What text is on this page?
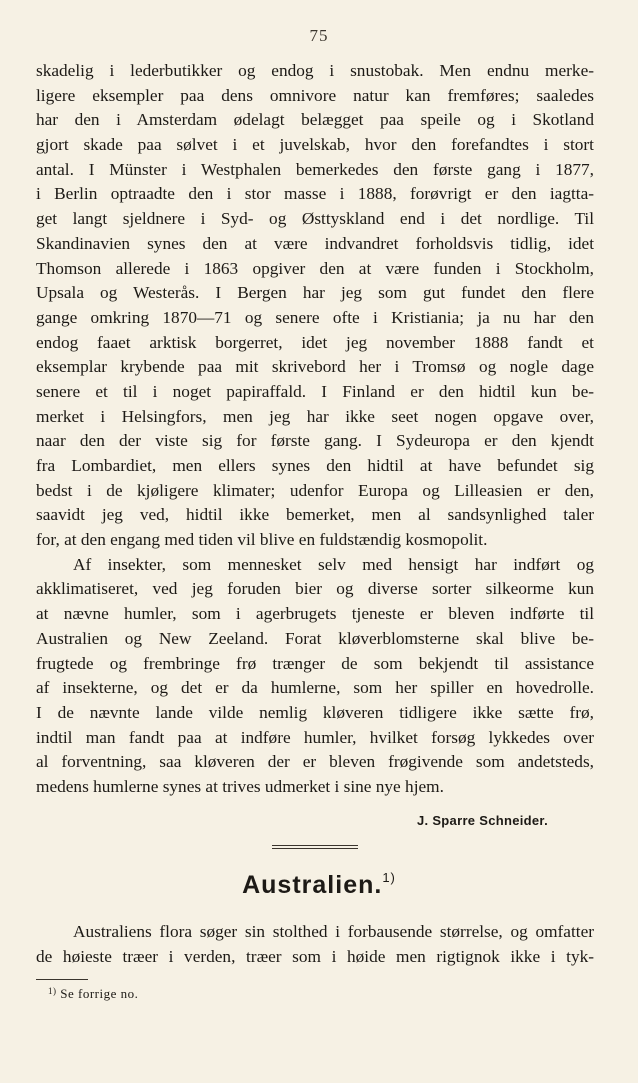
75
skadelig i lederbutikker og endog i snustobak. Men endnu merke-
ligere eksempler paa dens omnivore natur kan fremføres; saaledes
har den i Amsterdam ødelagt belægget paa speile og i Skotland
gjort skade paa sølvet i et juvelskab, hvor den forefandtes i stort
antal. I Münster i Westphalen bemerkedes den første gang i 1877,
i Berlin optraadte den i stor masse i 1888, forøvrigt er den iagtta-
get langt sjeldnere i Syd- og Østtyskland end i det nordlige. Til
Skandinavien synes den at være indvandret forholdsvis tidlig, idet
Thomson allerede i 1863 opgiver den at være funden i Stockholm,
Upsala og Westerås. I Bergen har jeg som gut fundet den flere
gange omkring 1870—71 og senere ofte i Kristiania; ja nu har den
endog faaet arktisk borgerret, idet jeg november 1888 fandt et
eksemplar krybende paa mit skrivebord her i Tromsø og nogle dage
senere et til i noget papiraffald. I Finland er den hidtil kun be-
merket i Helsingfors, men jeg har ikke seet nogen opgave over,
naar den der viste sig for første gang. I Sydeuropa er den kjendt
fra Lombardiet, men ellers synes den hidtil at have befundet sig
bedst i de kjøligere klimater; udenfor Europa og Lilleasien er den,
saavidt jeg ved, hidtil ikke bemerket, men al sandsynlighed taler
for, at den engang med tiden vil blive en fuldstændig kosmopolit.
Af insekter, som mennesket selv med hensigt har indført og
akklimatiseret, ved jeg foruden bier og diverse sorter silkeormе kun
at nævne humler, som i agerbrugets tjeneste er bleven indførte til
Australien og New Zeeland. Forat kløverblomsterne skal blive be-
frugtede og frembringe frø trænger de som bekjendt til assistance
af insekterne, og det er da humlerne, som her spiller en hovedrolle.
I de nævnte lande vilde nemlig kløveren tidligere ikke sætte frø,
indtil man fandt paa at indføre humler, hvilket forsøg lykkedes over
al forventning, saa kløveren der er bleven frøgivende som andetsteds,
medens humlerne synes at trives udmerket i sine nye hjem.
J. Sparre Schneider.
Australien.$^{1)}$
Australiens flora søger sin stolthed i forbausende størrelse, og omfatter
de høieste træer i verden, træer som i høide men rigtignok ikke i tyk-
$^{1)}$ Se forrige no.
